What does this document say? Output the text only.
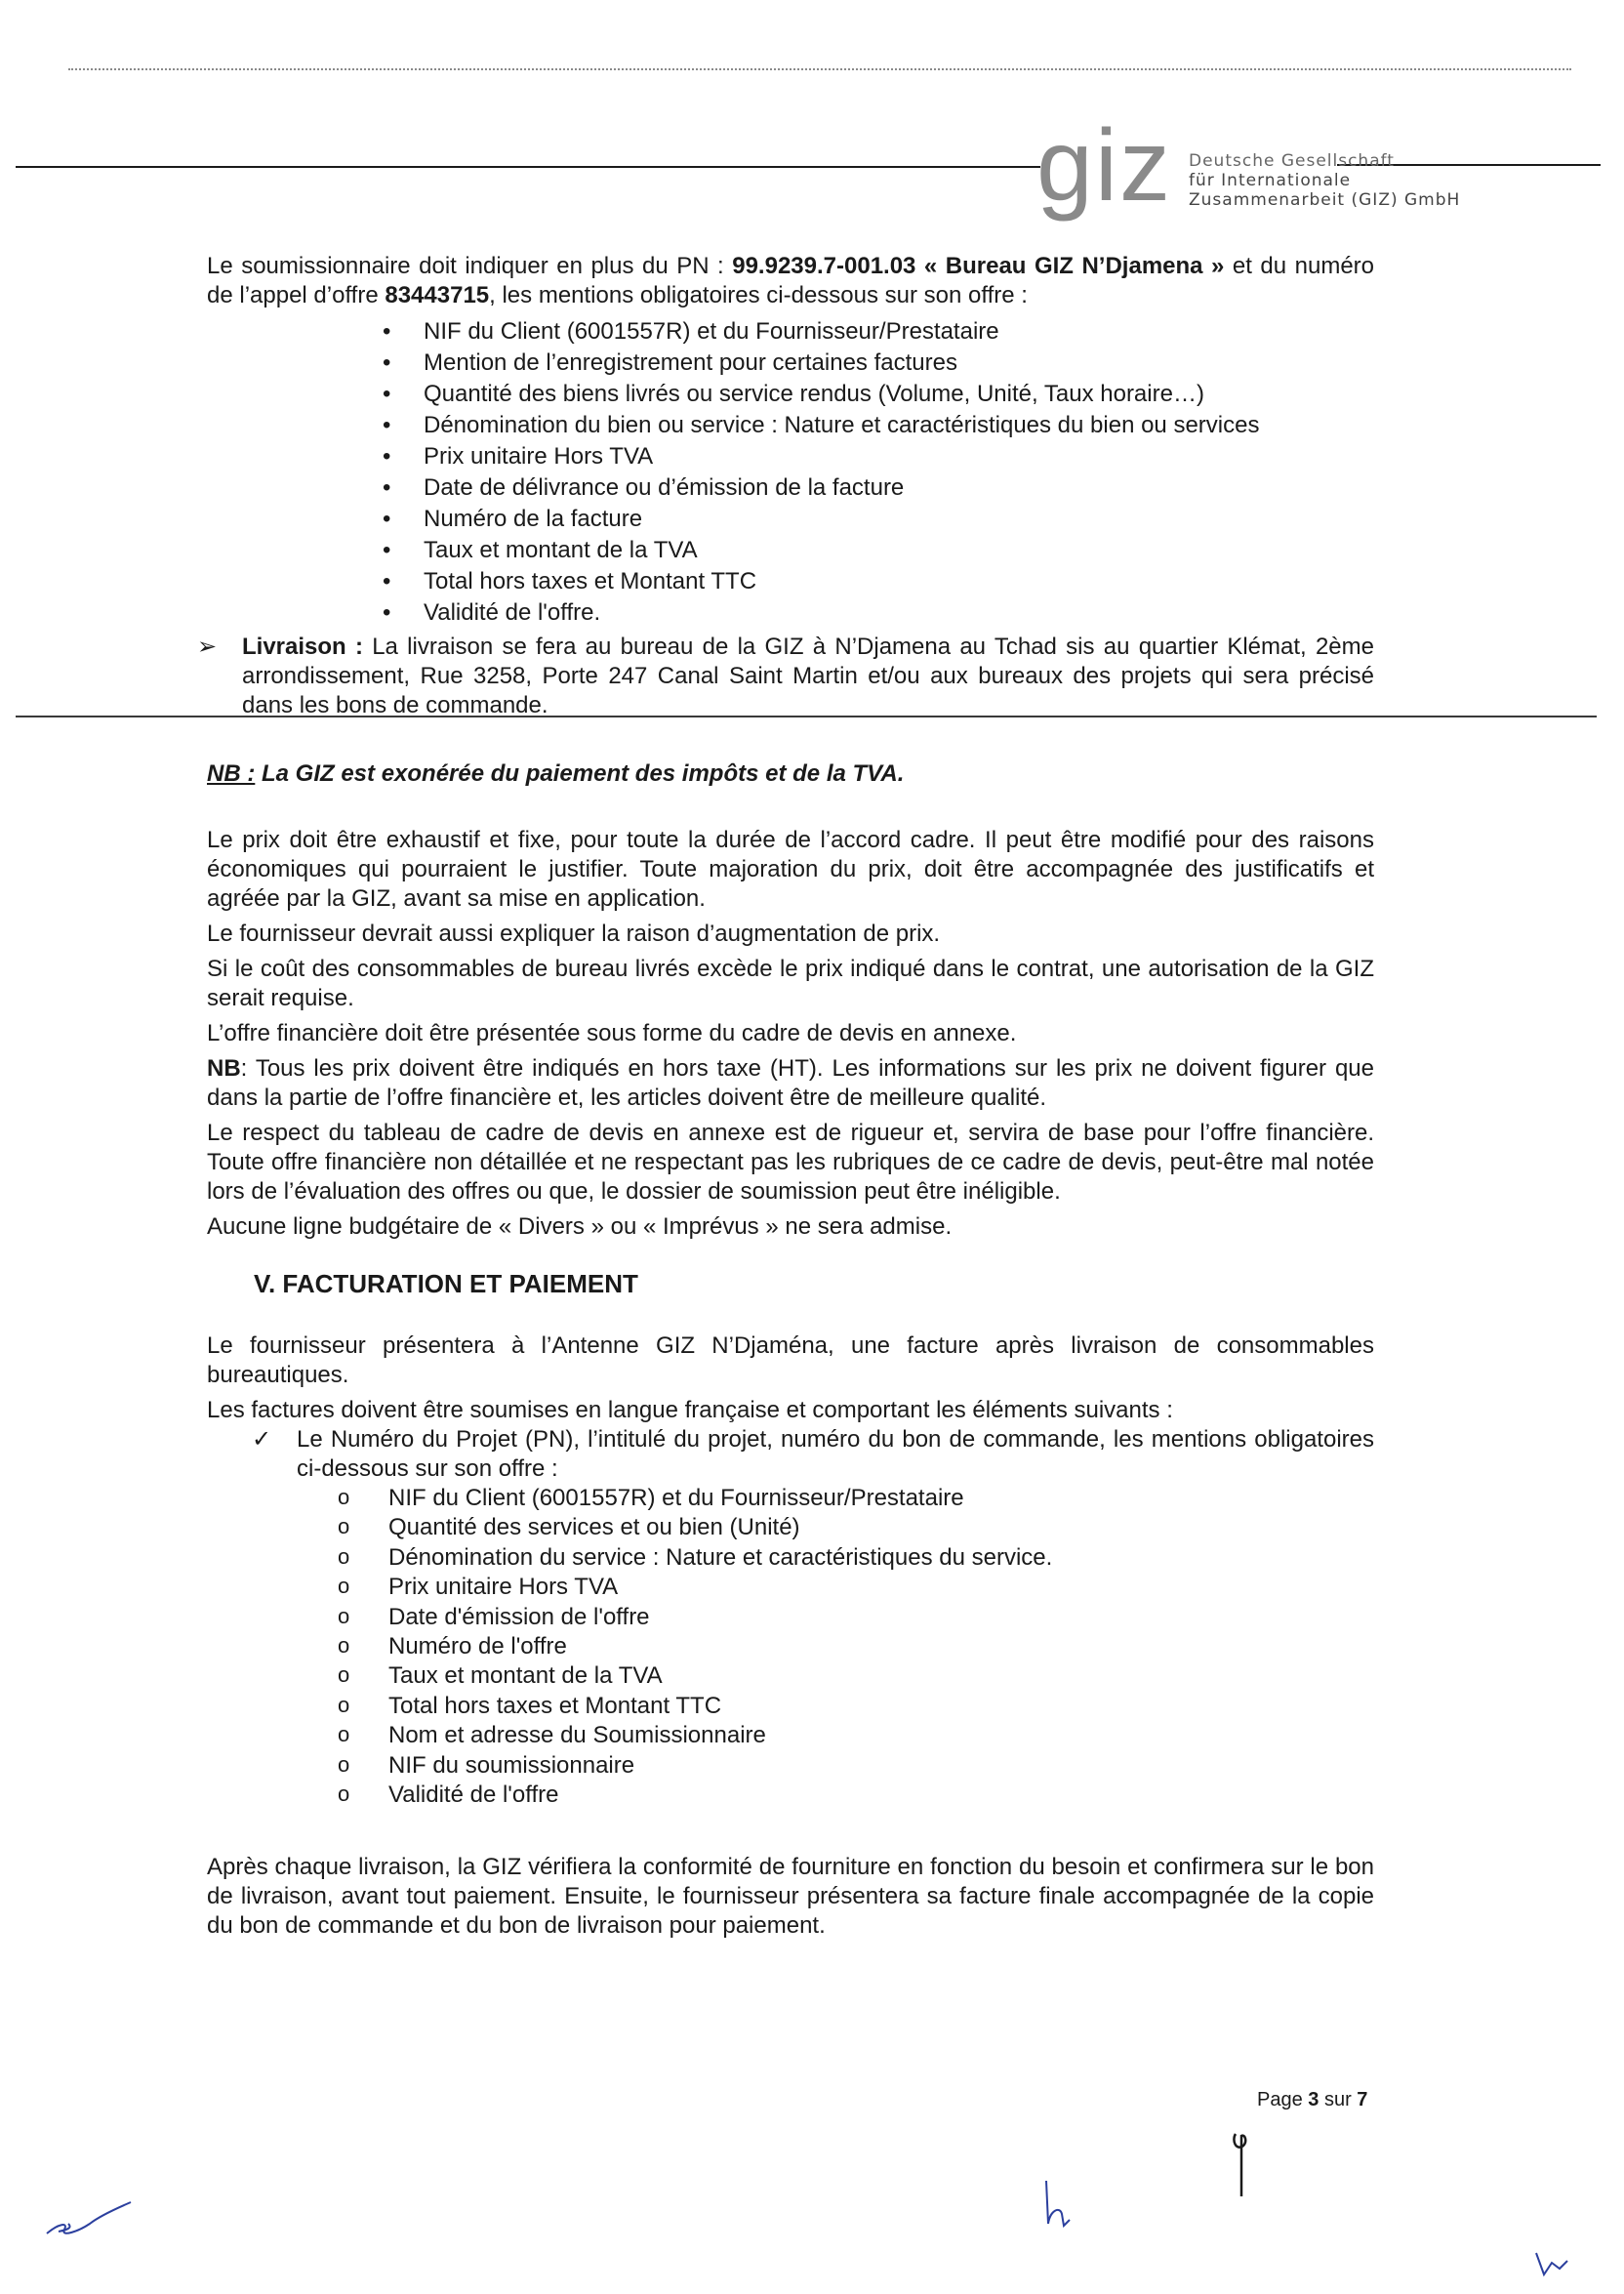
giz Deutsche Gesellschaft
für Internationale
Zusammenarbeit (GIZ) GmbH

Le soumissionnaire doit indiquer en plus du PN : 99.9239.7-001.03 « Bureau GIZ N’Djamena » et du numéro de l’appel d’offre 83443715, les mentions obligatoires ci-dessous sur son offre :

• NIF du Client (6001557R) et du Fournisseur/Prestataire
• Mention de l’enregistrement pour certaines factures
• Quantité des biens livrés ou service rendus (Volume, Unité, Taux horaire…)
• Dénomination du bien ou service : Nature et caractéristiques du bien ou services
• Prix unitaire Hors TVA
• Date de délivrance ou d’émission de la facture
• Numéro de la facture
• Taux et montant de la TVA
• Total hors taxes et Montant TTC
• Validité de l'offre.
➢ Livraison : La livraison se fera au bureau de la GIZ à N’Djamena au Tchad sis au quartier Klémat, 2ème arrondissement, Rue 3258, Porte 247 Canal Saint Martin et/ou aux bureaux des projets qui sera précisé dans les bons de commande.

NB : La GIZ est exonérée du paiement des impôts et de la TVA.

Le prix doit être exhaustif et fixe, pour toute la durée de l’accord cadre. Il peut être modifié pour des raisons économiques qui pourraient le justifier. Toute majoration du prix, doit être accompagnée des justificatifs et agréée par la GIZ, avant sa mise en application.

Le fournisseur devrait aussi expliquer la raison d’augmentation de prix.

Si le coût des consommables de bureau livrés excède le prix indiqué dans le contrat, une autorisation de la GIZ serait requise.

L’offre financière doit être présentée sous forme du cadre de devis en annexe.

NB: Tous les prix doivent être indiqués en hors taxe (HT). Les informations sur les prix ne doivent figurer que dans la partie de l’offre financière et, les articles doivent être de meilleure qualité.

Le respect du tableau de cadre de devis en annexe est de rigueur et, servira de base pour l’offre financière. Toute offre financière non détaillée et ne respectant pas les rubriques de ce cadre de devis, peut-être mal notée lors de l’évaluation des offres ou que, le dossier de soumission peut être inéligible.

Aucune ligne budgétaire de « Divers » ou « Imprévus » ne sera admise.

V. FACTURATION ET PAIEMENT

Le fournisseur présentera à l’Antenne GIZ N’Djaména, une facture après livraison de consommables bureautiques.

Les factures doivent être soumises en langue française et comportant les éléments suivants :

✓ Le Numéro du Projet (PN), l’intitulé du projet, numéro du bon de commande, les mentions obligatoires ci-dessous sur son offre :

o NIF du Client (6001557R) et du Fournisseur/Prestataire
o Quantité des services et ou bien (Unité)
o Dénomination du service : Nature et caractéristiques du service.
o Prix unitaire Hors TVA
o Date d'émission de l'offre
o Numéro de l'offre
o Taux et montant de la TVA
o Total hors taxes et Montant TTC
o Nom et adresse du Soumissionnaire
o NIF du soumissionnaire
o Validité de l'offre

Après chaque livraison, la GIZ vérifiera la conformité de fourniture en fonction du besoin et confirmera sur le bon de livraison, avant tout paiement. Ensuite, le fournisseur présentera sa facture finale accompagnée de la copie du bon de commande et du bon de livraison pour paiement.

Page 3 sur 7
